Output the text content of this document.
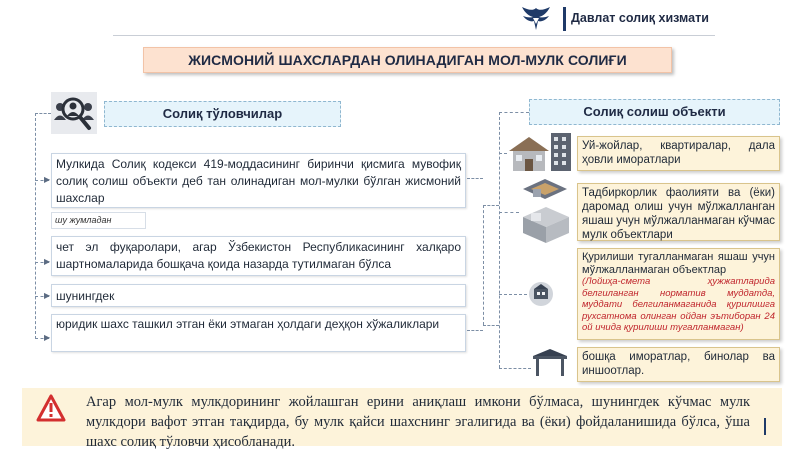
Давлат солиқ хизмати
ЖИСМОНИЙ ШАХСЛАРДАН ОЛИНАДИГАН МОЛ-МУЛК СОЛИҒИ
Солиқ тўловчилар
▶
▶
▶
▶
Мулкида Солиқ кодекси 419-моддасининг биринчи қисмига мувофиқ солиқ солиш объекти деб тан олинадиган мол-мулки бўлган жисмоний шахслар
шу жумладан
чет эл фуқаролари, агар Ўзбекистон Республикасининг халқаро шартномаларида бошқача қоида назарда тутилмаган бўлса
шунингдек
юридик шахс ташкил этган ёки этмаган ҳолдаги деҳқон хўжаликлари
Солиқ солиш объекти
Уй-жойлар, квартиралар, дала ҳовли иморатлари
Тадбиркорлик фаолияти ва (ёки) даромад олиш учун мўлжалланган яшаш учун мўлжалланмаган кўчмас мулк объектлари
Қурилиши тугалланмаган яшаш учун мўлжалланмаган объектлар
(Лойиҳа-смета ҳужжатларида белгиланган норматив муддатда, муддати белгиланмаганида қурилишга рухсатнома олинган ойдан эътиборан 24 ой ичида қурилиши тугалланмаган)
бошқа иморатлар, бинолар ва иншоотлар.
Агар мол-мулк мулкдорининг жойлашган ерини аниқлаш имкони бўлмаса, шунингдек кўчмас мулк мулкдори вафот этган тақдирда, бу мулк қайси шахснинг эгалигида ва (ёки) фойдаланишида бўлса, ўша шахс солиқ тўловчи ҳисобланади.
